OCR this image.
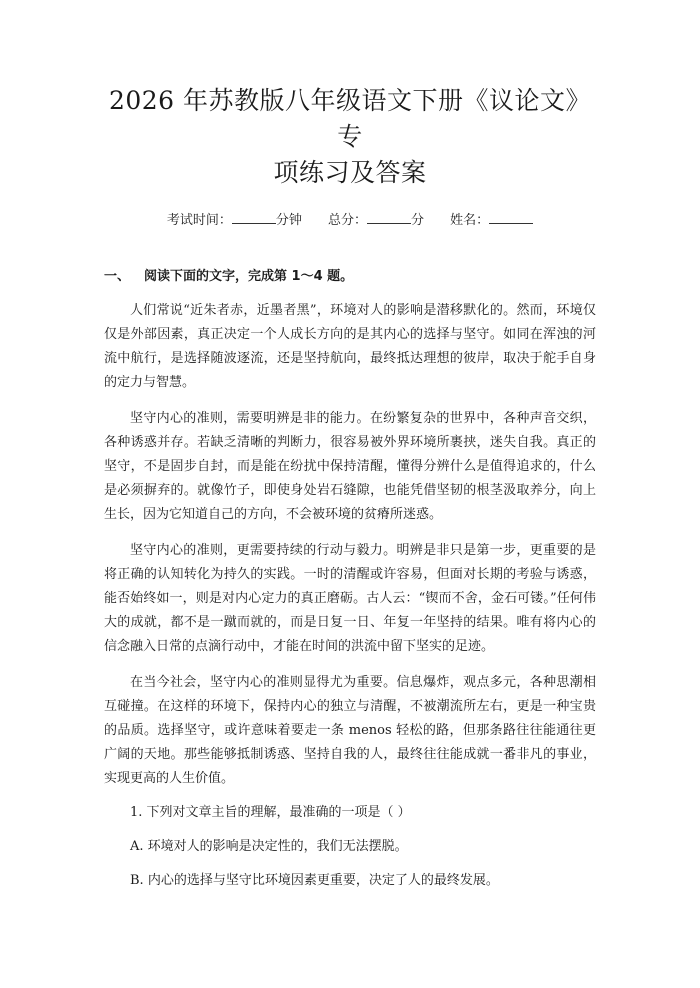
2026 年苏教版八年级语文下册《议论文》专
项练习及答案
考试时间：	分钟 总分：	分 姓名：
一、 阅读下面的文字，完成第 1～4 题。

人们常说“近朱者赤，近墨者黑”，环境对人的影响是潜移默化的。然而，环境仅仅是外部因素，真正决定一个人成长方向的是其内心的选择与坚守。如同在浑浊的河流中航行，是选择随波逐流，还是坚持航向，最终抵达理想的彼岸，取决于舵手自身的定力与智慧。

坚守内心的准则，需要明辨是非的能力。在纷繁复杂的世界中，各种声音交织，各种诱惑并存。若缺乏清晰的判断力，很容易被外界环境所裹挟，迷失自我。真正的坚守，不是固步自封，而是能在纷扰中保持清醒，懂得分辨什么是值得追求的，什么是必须摒弃的。就像竹子，即使身处岩石缝隙，也能凭借坚韧的根茎汲取养分，向上生长，因为它知道自己的方向，不会被环境的贫瘠所迷惑。

坚守内心的准则，更需要持续的行动与毅力。明辨是非只是第一步，更重要的是将正确的认知转化为持久的实践。一时的清醒或许容易，但面对长期的考验与诱惑，能否始终如一，则是对内心定力的真正磨砺。古人云：“锲而不舍，金石可镂。”任何伟大的成就，都不是一蹴而就的，而是日复一日、年复一年坚持的结果。唯有将内心的信念融入日常的点滴行动中，才能在时间的洪流中留下坚实的足迹。

在当今社会，坚守内心的准则显得尤为重要。信息爆炸，观点多元，各种思潮相互碰撞。在这样的环境下，保持内心的独立与清醒，不被潮流所左右，更是一种宝贵的品质。选择坚守，或许意味着要走一条 menos 轻松的路，但那条路往往能通往更广阔的天地。那些能够抵制诱惑、坚持自我的人，最终往往能成就一番非凡的事业，实现更高的人生价值。

1. 下列对文章主旨的理解，最准确的一项是（ ）
A. 环境对人的影响是决定性的，我们无法摆脱。
B. 内心的选择与坚守比环境因素更重要，决定了人的最终发展。
